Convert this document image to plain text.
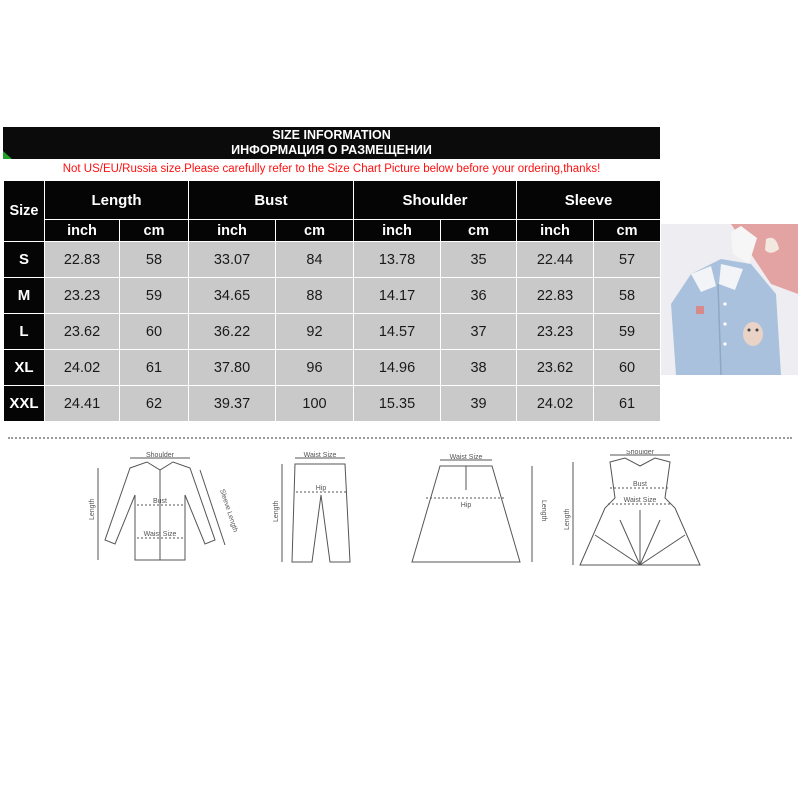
SIZE INFORMATION
ИНФОРМАЦИЯ О РАЗМЕЩЕНИИ
Not US/EU/Russia size.Please carefully refer to the Size Chart Picture below before your ordering,thanks!
Size	Length		Bust		Shoulder		Sleeve	
	inch	cm	inch	cm	inch	cm	inch	cm
S	22.83	58	33.07	84	13.78	35	22.44	57
M	23.23	59	34.65	88	14.17	36	22.83	58
L	23.62	60	36.22	92	14.57	37	23.23	59
XL	24.02	61	37.80	96	14.96	38	23.62	60
XXL	24.41	62	39.37	100	15.35	39	24.02	61
Shoulder
Bust
Waist Size
Length	Sleeve Length
Waist Size
Hip
Length
Waist Size
Hip	Length
Shoulder
Bust
Waist Size
Length
